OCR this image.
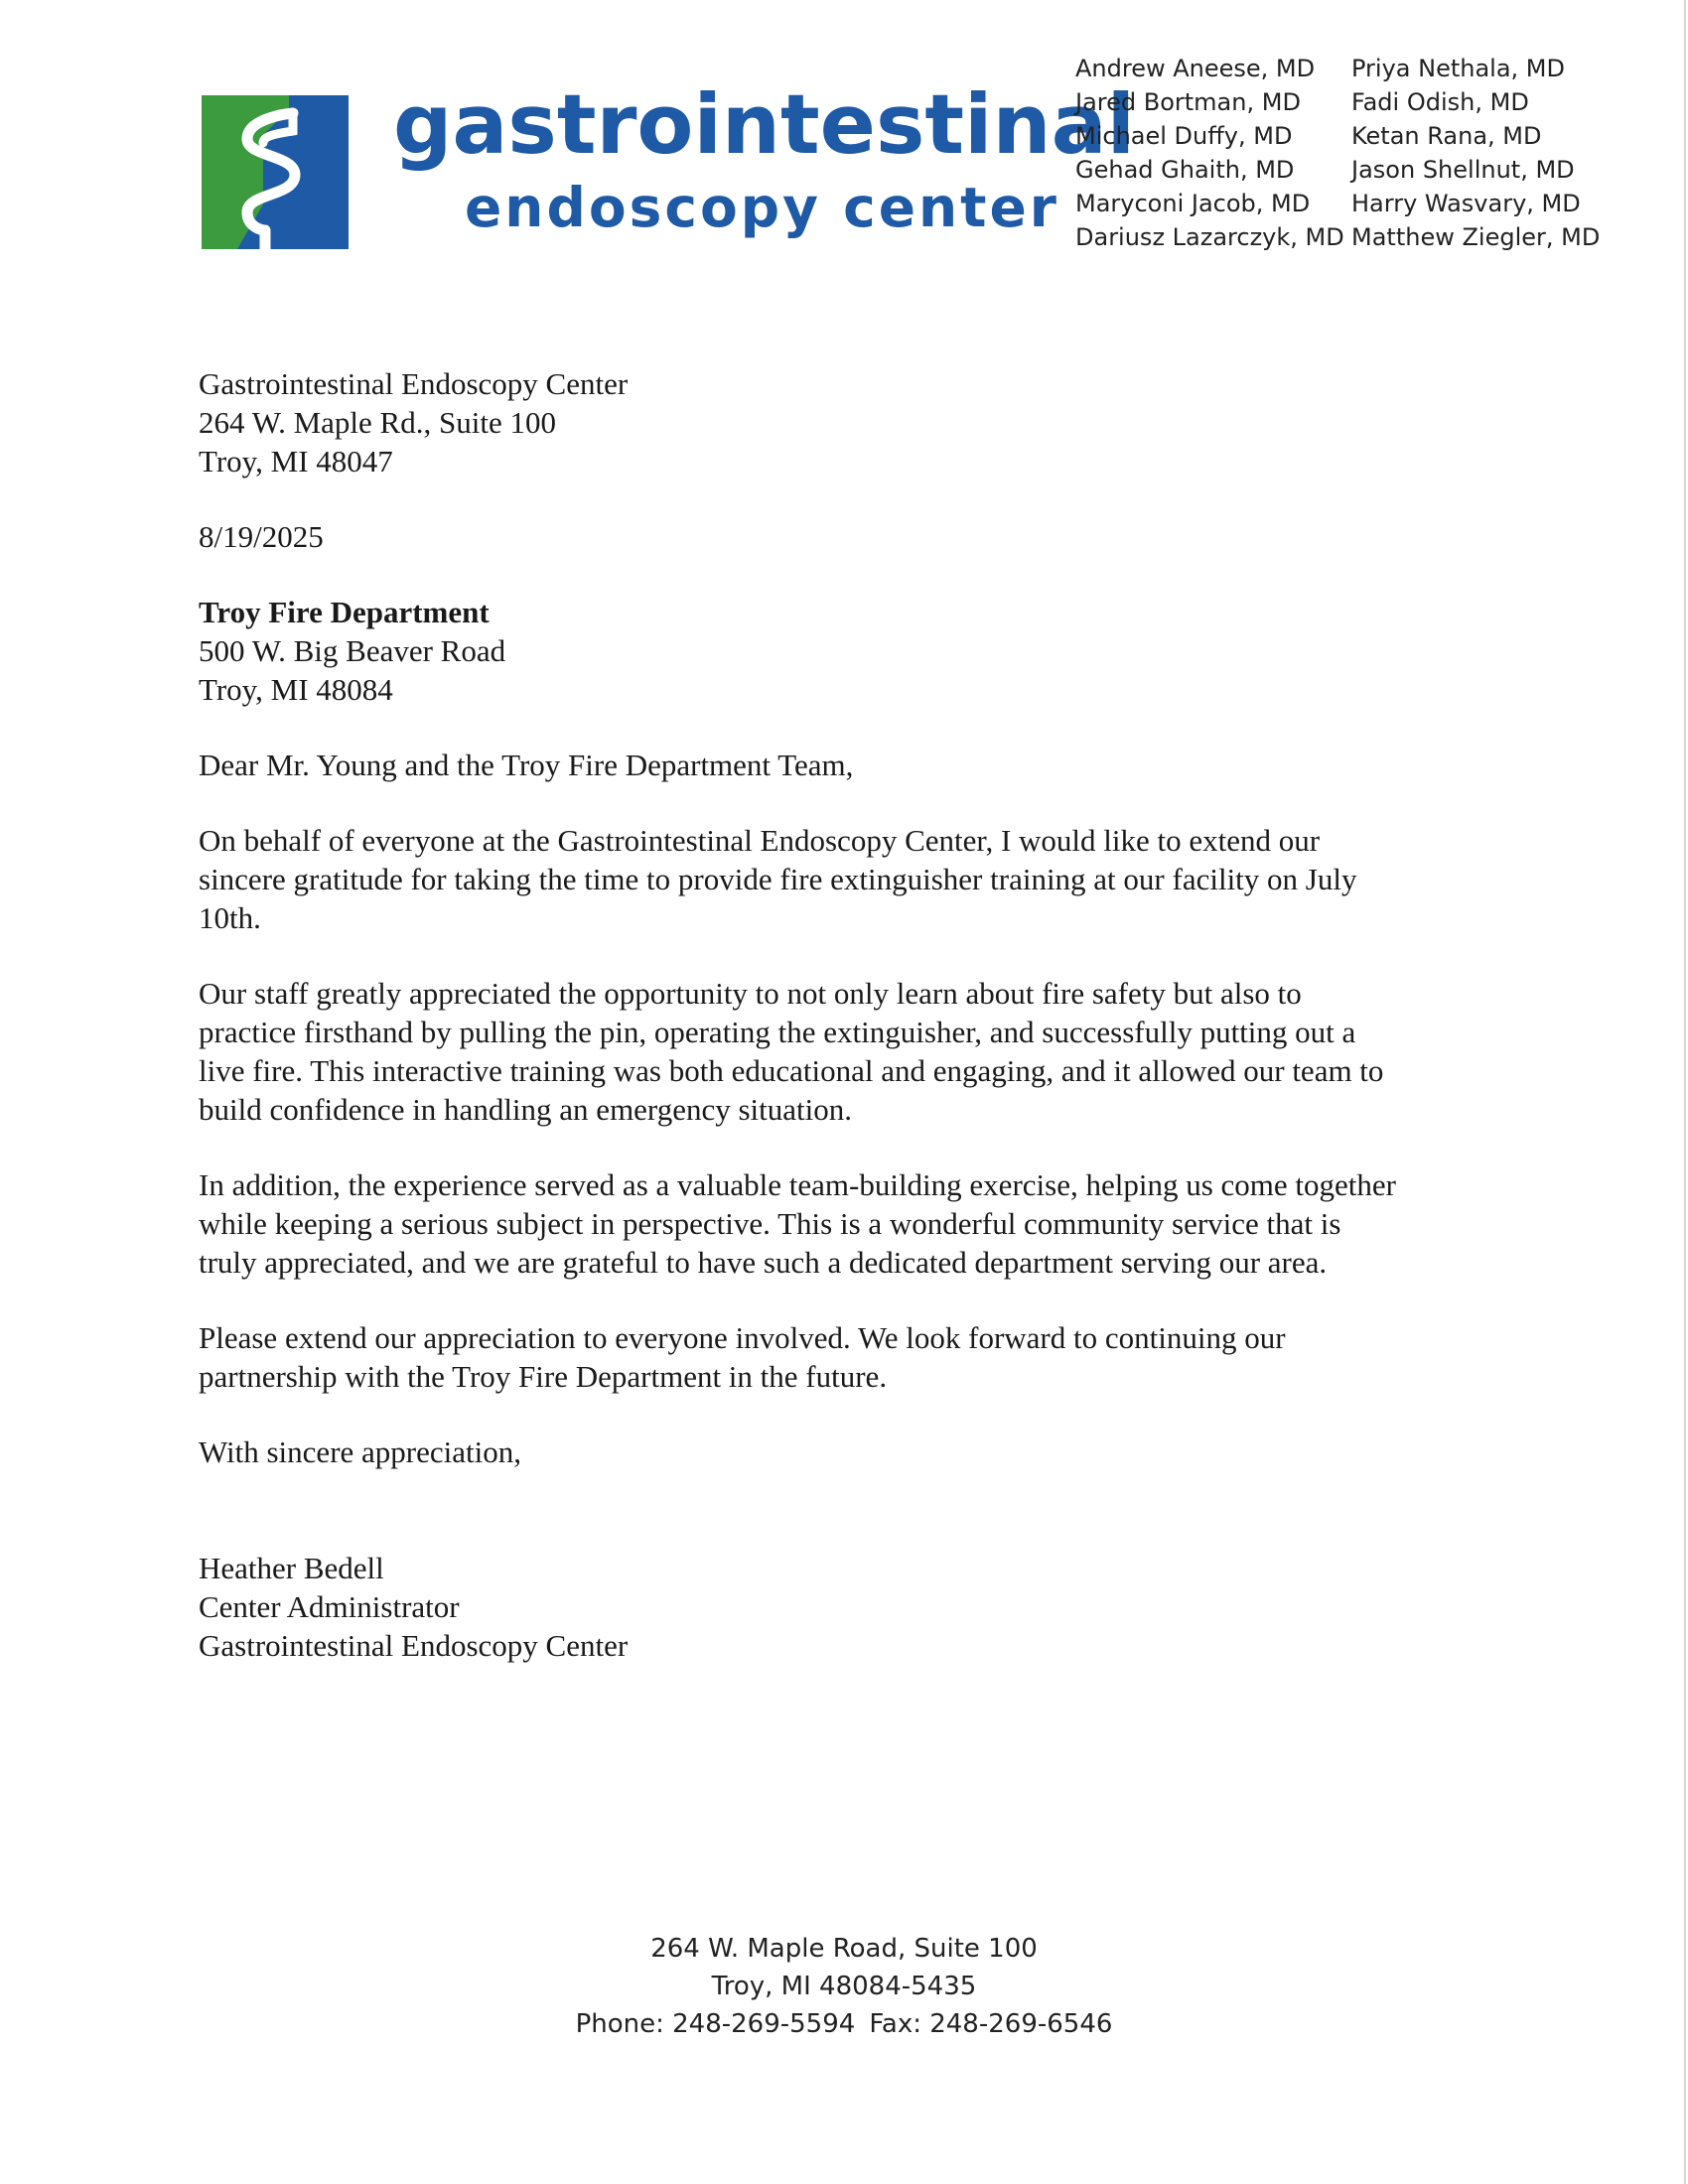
gastrointestinal
endoscopy center
Andrew Aneese, MD
Jared Bortman, MD
Michael Duffy, MD
Gehad Ghaith, MD
Maryconi Jacob, MD
Dariusz Lazarczyk, MD
Priya Nethala, MD
Fadi Odish, MD
Ketan Rana, MD
Jason Shellnut, MD
Harry Wasvary, MD
Matthew Ziegler, MD
Gastrointestinal Endoscopy Center
264 W. Maple Rd., Suite 100
Troy, MI 48047
8/19/2025
Troy Fire Department
500 W. Big Beaver Road
Troy, MI 48084
Dear Mr. Young and the Troy Fire Department Team,
On behalf of everyone at the Gastrointestinal Endoscopy Center, I would like to extend our
sincere gratitude for taking the time to provide fire extinguisher training at our facility on July
10th.
Our staff greatly appreciated the opportunity to not only learn about fire safety but also to
practice firsthand by pulling the pin, operating the extinguisher, and successfully putting out a
live fire. This interactive training was both educational and engaging, and it allowed our team to
build confidence in handling an emergency situation.
In addition, the experience served as a valuable team-building exercise, helping us come together
while keeping a serious subject in perspective. This is a wonderful community service that is
truly appreciated, and we are grateful to have such a dedicated department serving our area.
Please extend our appreciation to everyone involved. We look forward to continuing our
partnership with the Troy Fire Department in the future.
With sincere appreciation,
Heather Bedell
Center Administrator
Gastrointestinal Endoscopy Center
264 W. Maple Road, Suite 100
Troy, MI 48084-5435
Phone: 248-269-5594 Fax: 248-269-6546
